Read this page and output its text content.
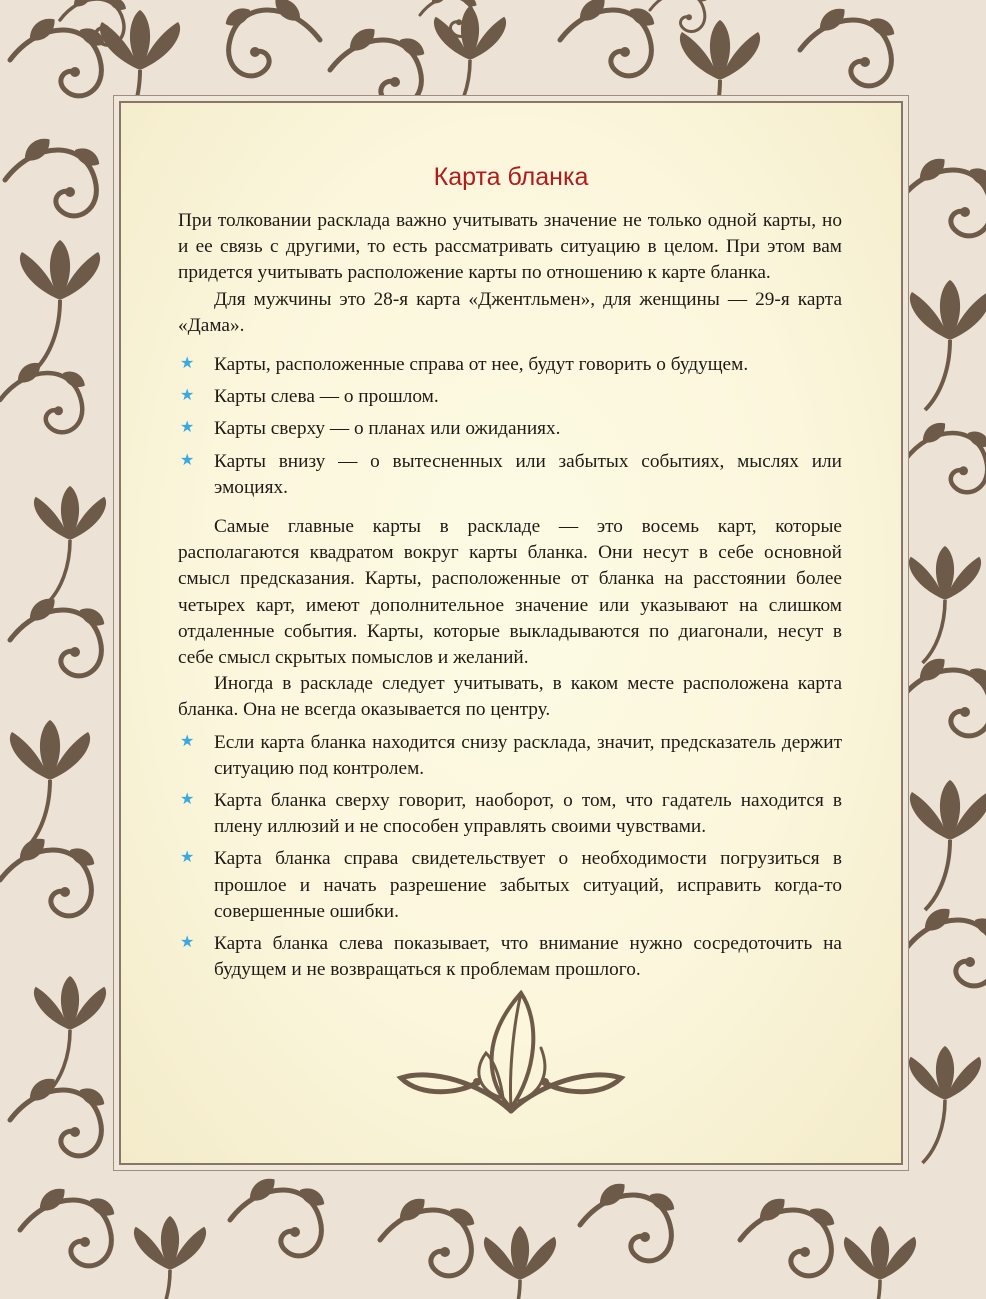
Карта бланка

При толковании расклада важно учитывать значение не только одной карты, но и ее связь с другими, то есть рассматривать ситуацию в целом. При этом вам придется учитывать расположение карты по отношению к карте бланка.

Для мужчины это 28-я карта «Джентльмен», для женщины — 29-я карта «Дама».

★ Карты, расположенные справа от нее, будут говорить о будущем.
★ Карты слева — о прошлом.
★ Карты сверху — о планах или ожиданиях.
★ Карты внизу — о вытесненных или забытых событиях, мыслях или эмоциях.

Самые главные карты в раскладе — это восемь карт, которые располагаются квадратом вокруг карты бланка. Они несут в себе основной смысл предсказания. Карты, расположенные от бланка на расстоянии более четырех карт, имеют дополнительное значение или указывают на слишком отдаленные события. Карты, которые выкладываются по диагонали, несут в себе смысл скрытых помыслов и желаний.

Иногда в раскладе следует учитывать, в каком месте расположена карта бланка. Она не всегда оказывается по центру.

★ Если карта бланка находится снизу расклада, значит, предсказатель держит ситуацию под контролем.
★ Карта бланка сверху говорит, наоборот, о том, что гадатель находится в плену иллюзий и не способен управлять своими чувствами.
★ Карта бланка справа свидетельствует о необходимости погрузиться в прошлое и начать разрешение забытых ситуаций, исправить когда-то совершенные ошибки.
★ Карта бланка слева показывает, что внимание нужно сосредоточить на будущем и не возвращаться к проблемам прошлого.
